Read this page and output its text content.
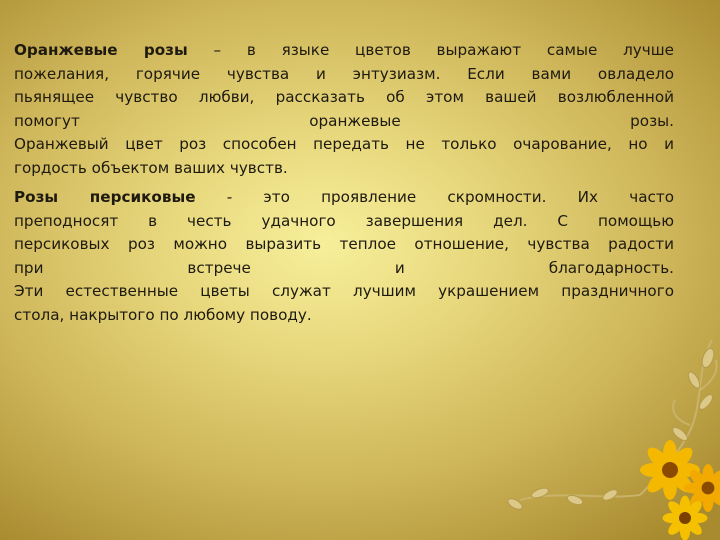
Оранжевые розы – в языке цветов выражают самые лучше
пожелания, горячие чувства и энтузиазм. Если вами овладело
пьянящее чувство любви, рассказать об этом вашей возлюбленной
помогут оранжевые розы.
Оранжевый цвет роз способен передать не только очарование, но и
гордость объектом ваших чувств.
Розы персиковые - это проявление скромности. Их часто
преподносят в честь удачного завершения дел. С помощью
персиковых роз можно выразить теплое отношение, чувства радости
при встрече и благодарность.
Эти естественные цветы служат лучшим украшением праздничного
стола, накрытого по любому поводу.
